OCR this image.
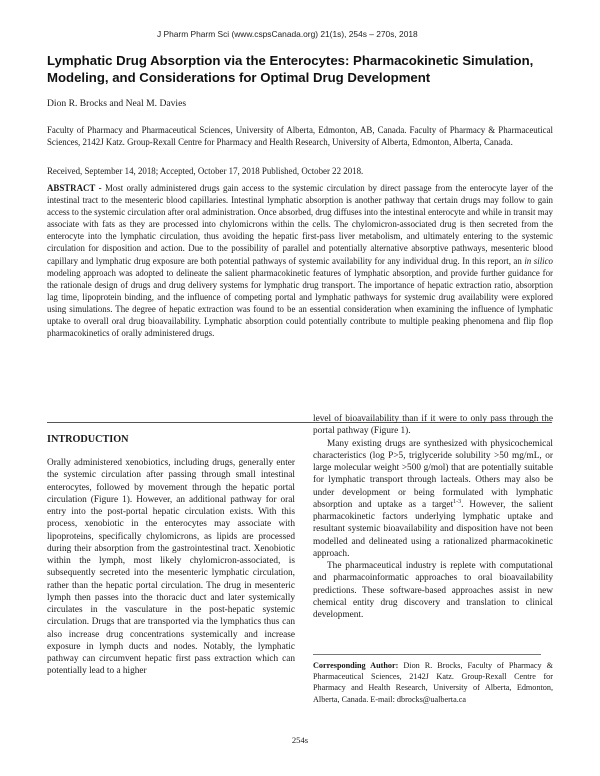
J Pharm Pharm Sci (www.cspsCanada.org) 21(1s), 254s – 270s, 2018
Lymphatic Drug Absorption via the Enterocytes: Pharmacokinetic Simulation, Modeling, and Considerations for Optimal Drug Development
Dion R. Brocks and Neal M. Davies
Faculty of Pharmacy and Pharmaceutical Sciences, University of Alberta, Edmonton, AB, Canada. Faculty of Pharmacy & Pharmaceutical Sciences, 2142J Katz. Group-Rexall Centre for Pharmacy and Health Research, University of Alberta, Edmonton, Alberta, Canada.
Received, September 14, 2018; Accepted, October 17, 2018 Published, October 22 2018.
ABSTRACT - Most orally administered drugs gain access to the systemic circulation by direct passage from the enterocyte layer of the intestinal tract to the mesenteric blood capillaries. Intestinal lymphatic absorption is another pathway that certain drugs may follow to gain access to the systemic circulation after oral administration. Once absorbed, drug diffuses into the intestinal enterocyte and while in transit may associate with fats as they are processed into chylomicrons within the cells. The chylomicron-associated drug is then secreted from the enterocyte into the lymphatic circulation, thus avoiding the hepatic first-pass liver metabolism, and ultimately entering to the systemic circulation for disposition and action. Due to the possibility of parallel and potentially alternative absorptive pathways, mesenteric blood capillary and lymphatic drug exposure are both potential pathways of systemic availability for any individual drug. In this report, an in silico modeling approach was adopted to delineate the salient pharmacokinetic features of lymphatic absorption, and provide further guidance for the rationale design of drugs and drug delivery systems for lymphatic drug transport. The importance of hepatic extraction ratio, absorption lag time, lipoprotein binding, and the influence of competing portal and lymphatic pathways for systemic drug availability were explored using simulations. The degree of hepatic extraction was found to be an essential consideration when examining the influence of lymphatic uptake to overall oral drug bioavailability. Lymphatic absorption could potentially contribute to multiple peaking phenomena and flip flop pharmacokinetics of orally administered drugs.

INTRODUCTION

Orally administered xenobiotics, including drugs, generally enter the systemic circulation after passing through small intestinal enterocytes, followed by movement through the hepatic portal circulation (Figure 1). However, an additional pathway for oral entry into the post-portal hepatic circulation exists. With this process, xenobiotic in the enterocytes may associate with lipoproteins, specifically chylomicrons, as lipids are processed during their absorption from the gastrointestinal tract. Xenobiotic within the lymph, most likely chylomicron-associated, is subsequently secreted into the mesenteric lymphatic circulation, rather than the hepatic portal circulation. The drug in mesenteric lymph then passes into the thoracic duct and later systemically circulates in the vasculature in the post-hepatic systemic circulation. Drugs that are transported via the lymphatics thus can also increase drug concentrations systemically and increase exposure in lymph ducts and nodes. Notably, the lymphatic pathway can circumvent hepatic first pass extraction which can potentially lead to a higher

level of bioavailability than if it were to only pass through the portal pathway (Figure 1).

Many existing drugs are synthesized with physicochemical characteristics (log P>5, triglyceride solubility >50 mg/mL, or large molecular weight >500 g/mol) that are potentially suitable for lymphatic transport through lacteals. Others may also be under development or being formulated with lymphatic absorption and uptake as a target$^{1-3}$. However, the salient pharmacokinetic factors underlying lymphatic uptake and resultant systemic bioavailability and disposition have not been modelled and delineated using a rationalized pharmacokinetic approach.

The pharmaceutical industry is replete with computational and pharmacoinformatic approaches to oral bioavailability predictions. These software-based approaches assist in new chemical entity drug discovery and translation to clinical development.

Corresponding Author: Dion R. Brocks, Faculty of Pharmacy & Pharmaceutical Sciences, 2142J Katz. Group-Rexall Centre for Pharmacy and Health Research, University of Alberta, Edmonton, Alberta, Canada. E-mail: dbrocks@ualberta.ca
254s
